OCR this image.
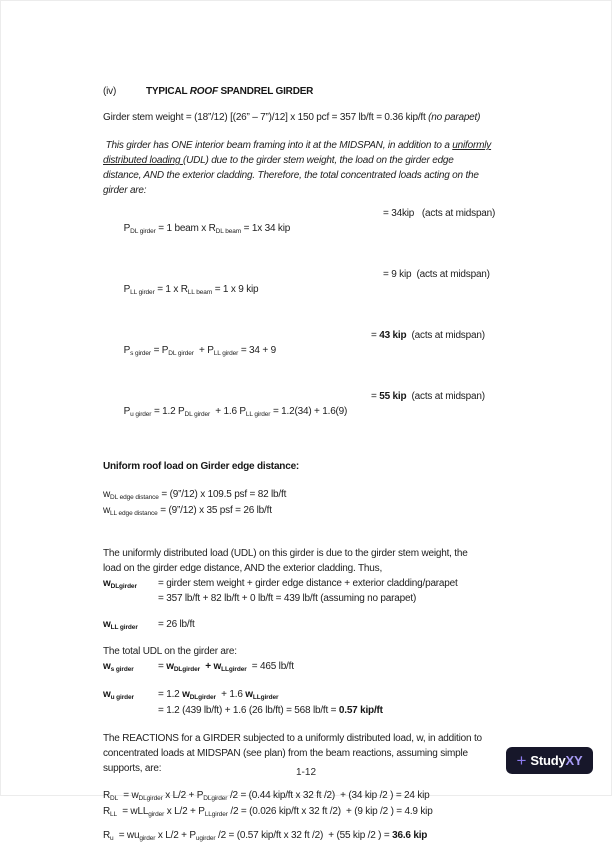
(iv)	TYPICAL ROOF SPANDREL GIRDER
Girder stem weight = (18”/12) [(26” – 7”)/12] x 150 pcf = 357 lb/ft = 0.36 kip/ft (no parapet)
This girder has ONE interior beam framing into it at the MIDSPAN, in addition to a uniformly
distributed loading (UDL) due to the girder stem weight, the load on the girder edge
distance, AND the exterior cladding. Therefore, the total concentrated loads acting on the
girder are:

$P_{DL girder} = 1$ beam x $R_{DL beam} = 1x$ 34 kip

= 34kip   (acts at midspan)

$P_{LL girder} = 1$ x $R_{LL beam} = 1$ x 9 kip

= 9 kip  (acts at midspan)

$P_{s girder} = P_{DL girder} + P_{LL girder} = 34 + 9$

= 43 kip  (acts at midspan)

$P_{u girder} = 1.2$ $P_{DL girder} + 1.6$ $P_{LL girder} = 1.2(34) + 1.6(9)$

= 55 kip  (acts at midspan)

Uniform roof load on Girder edge distance:
$w_{DL edge distance}$ = (9”/12) x 109.5 psf = 82 lb/ft
$w_{LL edge distance}$ = (9”/12) x 35 psf = 26 lb/ft
The uniformly distributed load (UDL) on this girder is due to the girder stem weight, the
load on the girder edge distance, AND the exterior cladding. Thus,
$w_{DLgirder}$	= girder stem weight + girder edge distance + exterior cladding/parapet
= 357 lb/ft + 82 lb/ft + 0 lb/ft = 439 lb/ft (assuming no parapet)
$w_{LL girder}$	= 26 lb/ft
The total UDL on the girder are:
$w_{s girder}$	= $w_{DLgirder} + w_{LLgirder} = 465$ lb/ft
$w_{u girder}$	= 1.2 $w_{DLgirder} + 1.6$ $w_{LLgirder}$
= 1.2 (439 lb/ft) + 1.6 (26 lb/ft) = 568 lb/ft = 0.57 kip/ft
The REACTIONS for a GIRDER subjected to a uniformly distributed load, w, in addition to
concentrated loads at MIDSPAN (see plan) from the beam reactions, assuming simple
supports, are:
$R_{DL} = w_{DLgirder}$ x $L/2 + P_{DLgirder}$ /2 = (0.44 kip/ft x 32 ft /2)  + (34 kip /2 ) = 24 kip
$R_{LL} = wLL_{girder}$ x $L/2 + P_{LLgirder}$ /2 = (0.026 kip/ft x 32 ft /2)  + (9 kip /2 ) = 4.9 kip
$R_u = wu_{girder}$ x $L/2 + P_{ugirder}$ /2 = (0.57 kip/ft x 32 ft /2)  + (55 kip /2 ) = 36.6 kip
1-12
+ Study XY
